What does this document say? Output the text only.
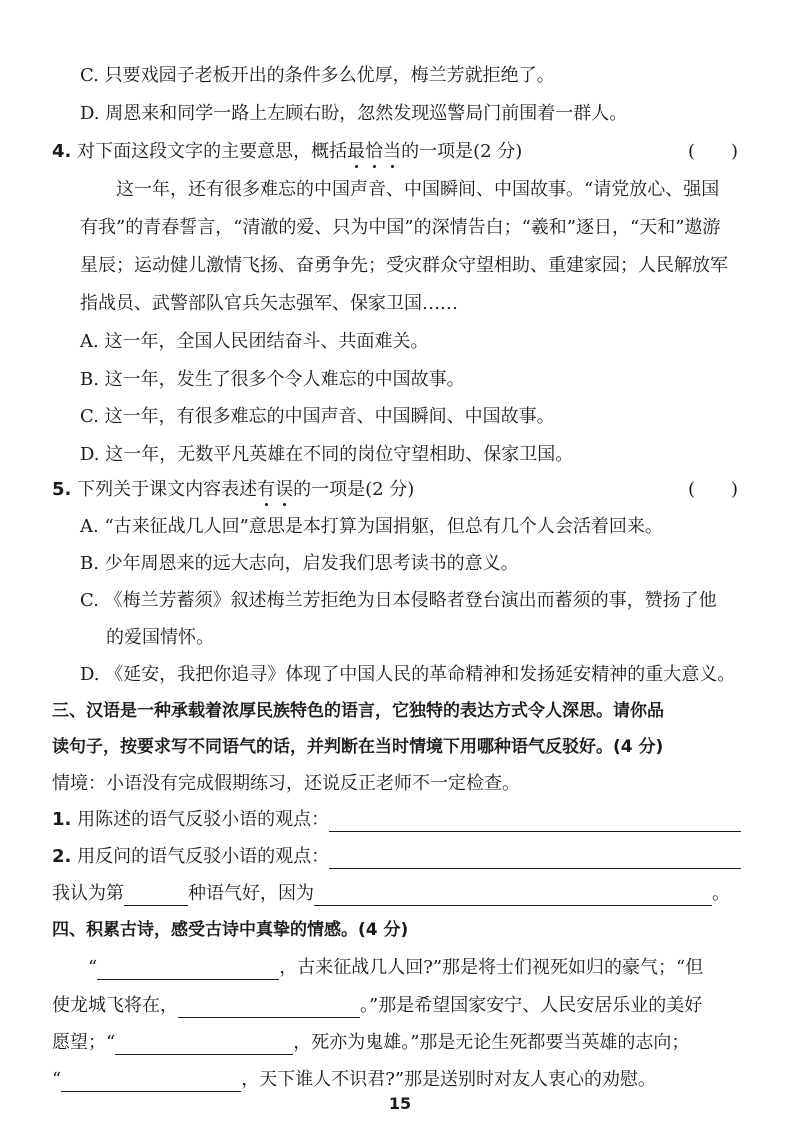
C. 只要戏园子老板开出的条件多么优厚，梅兰芳就拒绝了。
D. 周恩来和同学一路上左顾右盼，忽然发现巡警局门前围着一群人。
4. 对下面这段文字的主要意思，概括最恰当的一项是(2 分)	(　　)
这一年，还有很多难忘的中国声音、中国瞬间、中国故事。“请党放心、强国
有我”的青春誓言，“清澈的爱、只为中国”的深情告白；“羲和”逐日，“天和”遨游
星辰；运动健儿激情飞扬、奋勇争先；受灾群众守望相助、重建家园；人民解放军
指战员、武警部队官兵矢志强军、保家卫国……
A. 这一年，全国人民团结奋斗、共面难关。
B. 这一年，发生了很多个令人难忘的中国故事。
C. 这一年，有很多难忘的中国声音、中国瞬间、中国故事。
D. 这一年，无数平凡英雄在不同的岗位守望相助、保家卫国。
5. 下列关于课文内容表述有误的一项是(2 分)	(　　)
A. “古来征战几人回”意思是本打算为国捐躯，但总有几个人会活着回来。
B. 少年周恩来的远大志向，启发我们思考读书的意义。
C. 《梅兰芳蓄须》叙述梅兰芳拒绝为日本侵略者登台演出而蓄须的事，赞扬了他
的爱国情怀。
D. 《延安，我把你追寻》体现了中国人民的革命精神和发扬延安精神的重大意义。
三、汉语是一种承载着浓厚民族特色的语言，它独特的表达方式令人深思。请你品
读句子，按要求写不同语气的话，并判断在当时情境下用哪种语气反驳好。(4 分)
情境：小语没有完成假期练习，还说反正老师不一定检查。
1. 用陈述的语气反驳小语的观点：
2. 用反问的语气反驳小语的观点：
我认为第	种语气好，因为	。
四、积累古诗，感受古诗中真挚的情感。(4 分)
“	，古来征战几人回?”那是将士们视死如归的豪气；“但
使龙城飞将在，	。”那是希望国家安宁、人民安居乐业的美好
愿望；“	，死亦为鬼雄。”那是无论生死都要当英雄的志向；
“	，天下谁人不识君?”那是送别时对友人衷心的劝慰。
15
